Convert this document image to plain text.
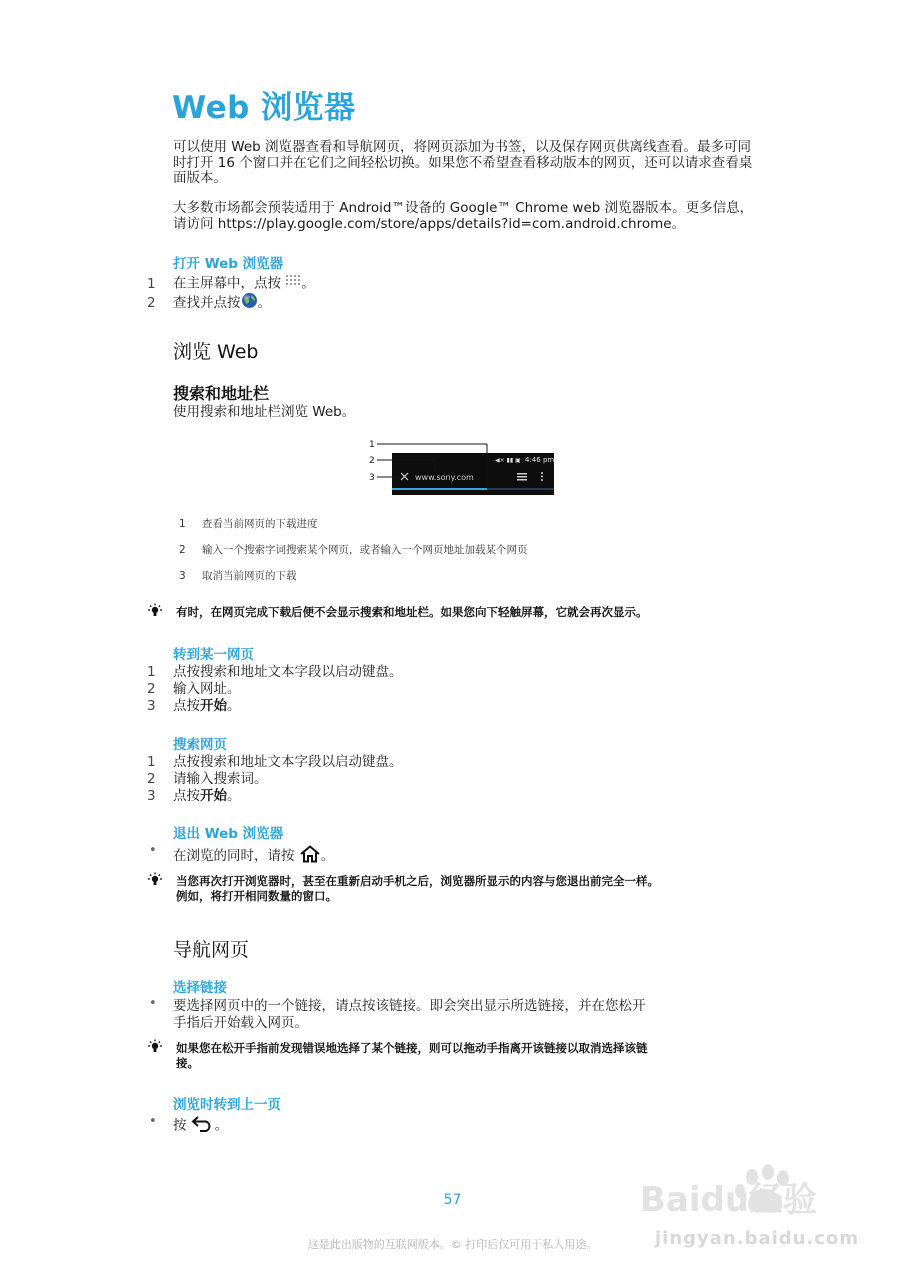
Web 浏览器
可以使用 Web 浏览器查看和导航网页，将网页添加为书签，以及保存网页供离线查看。最多可同时打开 16 个窗口并在它们之间轻松切换。如果您不希望查看移动版本的网页，还可以请求查看桌面版本。
大多数市场都会预装适用于 Android™设备的 Google™ Chrome web 浏览器版本。更多信息，请访问 https://play.google.com/store/apps/details?id=com.android.chrome。
打开 Web 浏览器
1 在主屏幕中，点按 。
2 查找并点按 。
浏览 Web
搜索和地址栏
使用搜索和地址栏浏览 Web。
◀× ▮▮ ▣
www.sony.com
4:46 pm
1
2
3
1 查看当前网页的下载进度
2 输入一个搜索字词搜索某个网页，或者输入一个网页地址加载某个网页
3 取消当前网页的下载
有时，在网页完成下载后便不会显示搜索和地址栏。如果您向下轻触屏幕，它就会再次显示。
转到某一网页
1 点按搜索和地址文本字段以启动键盘。
2 输入网址。
3 点按开始。
搜索网页
1 点按搜索和地址文本字段以启动键盘。
2 请输入搜索词。
3 点按开始。
退出 Web 浏览器
• 在浏览的同时，请按 。
当您再次打开浏览器时，甚至在重新启动手机之后，浏览器所显示的内容与您退出前完全一样。
例如，将打开相同数量的窗口。
导航网页
选择链接
• 要选择网页中的一个链接，请点按该链接。即会突出显示所选链接，并在您松开
手指后开始载入网页。
如果您在松开手指前发现错误地选择了某个链接，则可以拖动手指离开该链接以取消选择该链
接。
浏览时转到上一页
• 按 。
57
这是此出版物的互联网版本。© 打印后仅可用于私人用途。
Baidu经验
jingyan.baidu.com
